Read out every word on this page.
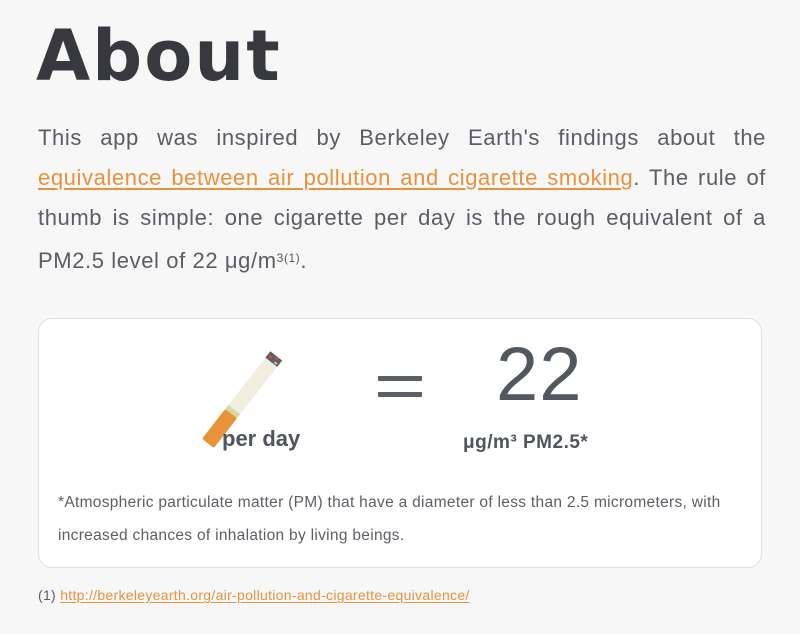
About

This app was inspired by Berkeley Earth's findings about the equivalence between air pollution and cigarette smoking. The rule of thumb is simple: one cigarette per day is the rough equivalent of a PM2.5 level of 22 $\mu g/m^{3(1)}$.

per day
22
μg/m³ PM2.5*
*Atmospheric particulate matter (PM) that have a diameter of less than 2.5 micrometers, with increased chances of inhalation by living beings.
(1) http://berkeleyearth.org/air-pollution-and-cigarette-equivalence/
